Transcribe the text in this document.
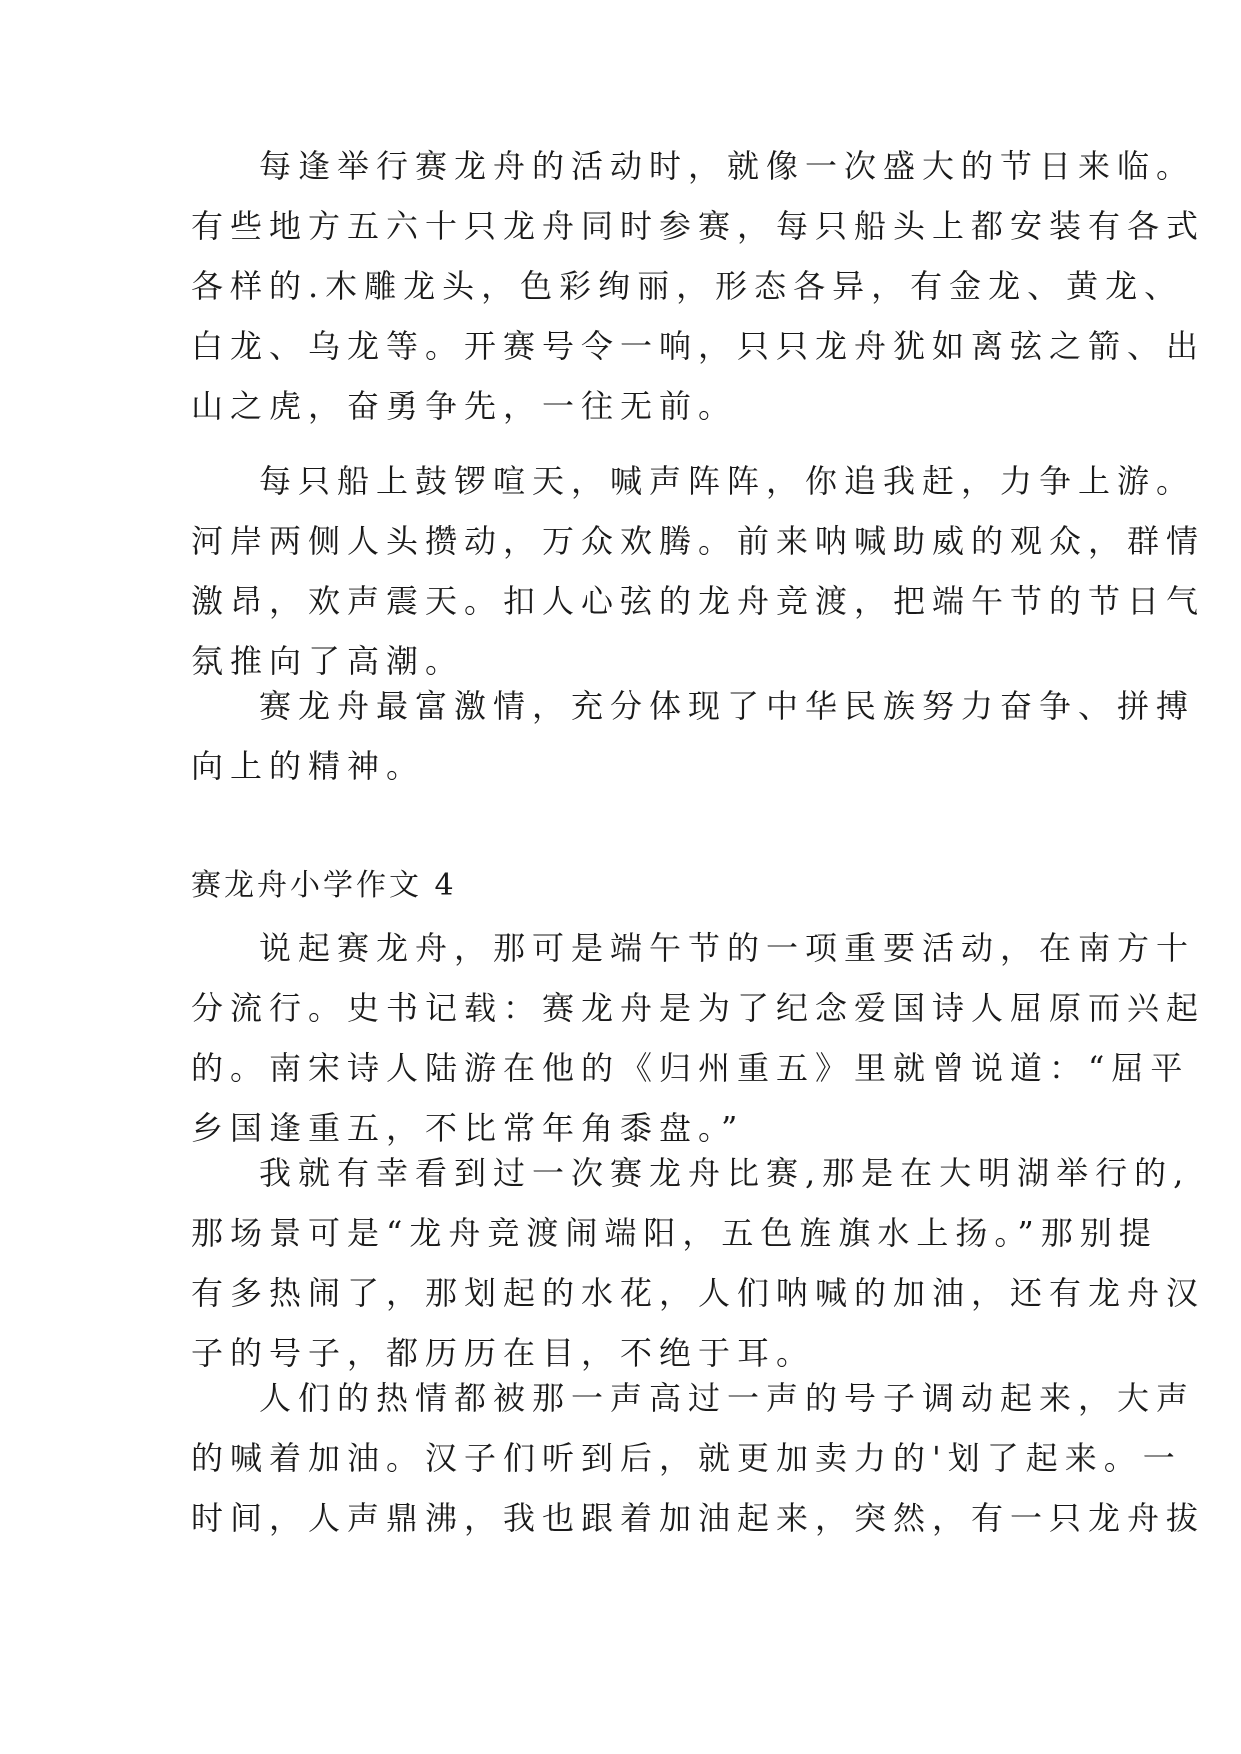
每逢举行赛龙舟的活动时，就像一次盛大的节日来临。
有些地方五六十只龙舟同时参赛，每只船头上都安装有各式
各样的.木雕龙头，色彩绚丽，形态各异，有金龙、黄龙、
白龙、乌龙等。开赛号令一响，只只龙舟犹如离弦之箭、出
山之虎，奋勇争先，一往无前。
每只船上鼓锣喧天，喊声阵阵，你追我赶，力争上游。
河岸两侧人头攒动，万众欢腾。前来呐喊助威的观众，群情
激昂，欢声震天。扣人心弦的龙舟竞渡，把端午节的节日气
氛推向了高潮。
赛龙舟最富激情，充分体现了中华民族努力奋争、拼搏
向上的精神。
赛龙舟小学作文 4
说起赛龙舟，那可是端午节的一项重要活动，在南方十
分流行。史书记载：赛龙舟是为了纪念爱国诗人屈原而兴起
的。南宋诗人陆游在他的《归州重五》里就曾说道：“屈平
乡国逢重五，不比常年角黍盘。”
我就有幸看到过一次赛龙舟比赛,那是在大明湖举行的,
那场景可是“龙舟竞渡闹端阳，五色旌旗水上扬。”那别提
有多热闹了，那划起的水花，人们呐喊的加油，还有龙舟汉
子的号子，都历历在目，不绝于耳。
人们的热情都被那一声高过一声的号子调动起来，大声
的喊着加油。汉子们听到后，就更加卖力的'划了起来。一
时间，人声鼎沸，我也跟着加油起来，突然，有一只龙舟拔
